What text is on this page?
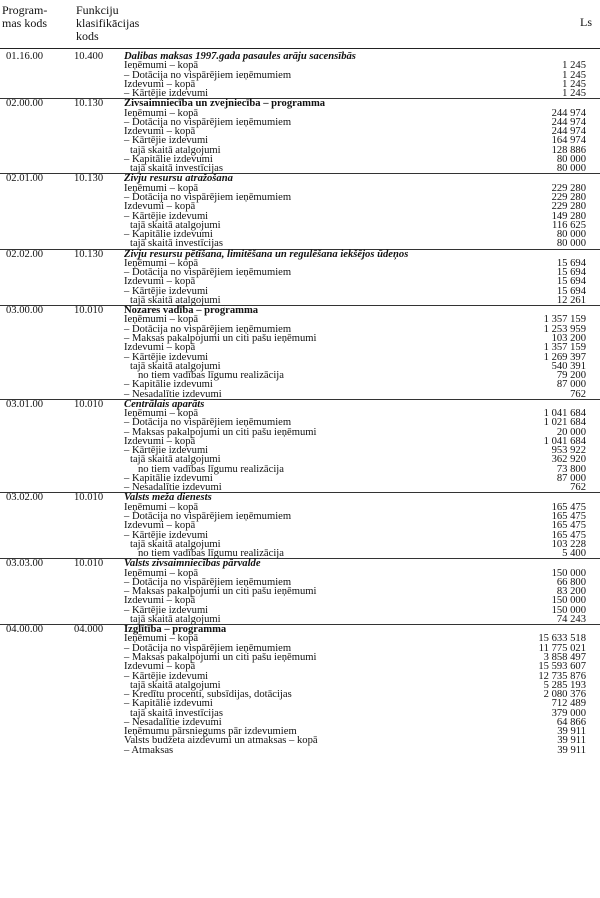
Program- mas kods
Funkciju klasifikācijas kods
Ls
01.16.00	10.400 Dalibas maksas 1997.gada pasaules arāju sacensībās
Ieņēmumi – kopā	1 245
– Dotācija no vispārējiem ieņēmumiem	1 245
Izdevumi – kopā	1 245
– Kārtējie izdevumi	1 245
02.00.00	10.130 Zivsaimniecība un zvejniecība – programma
Ieņēmumi – kopā	244 974
– Dotācija no vispārējiem ieņēmumiem	244 974
Izdevumi – kopā	244 974
– Kārtējie izdevumi	164 974
tajā skaitā atalgojumi	128 886
– Kapitālie izdevumi	80 000
tajā skaitā investīcijas	80 000
02.01.00	10.130 Zivju resursu atražošana
Ieņēmumi – kopā	229 280
– Dotācija no vispārējiem ieņēmumiem	229 280
Izdevumi – kopā	229 280
– Kārtējie izdevumi	149 280
tajā skaitā atalgojumi	116 625
– Kapitālie izdevumi	80 000
tajā skaitā investīcijas	80 000
02.02.00	10.130 Zivju resursu pētīšana, limitēšana un regulēšana iekšējos ūdeņos
Ieņēmumi – kopā	15 694
– Dotācija no vispārējiem ieņēmumiem	15 694
Izdevumi – kopā	15 694
– Kārtējie izdevumi	15 694
tajā skaitā atalgojumi	12 261
03.00.00	10.010 Nozares vadība – programma
Ieņēmumi – kopā	1 357 159
– Dotācija no vispārējiem ieņēmumiem	1 253 959
– Maksas pakalpojumi un citi pašu ieņēmumi	103 200
Izdevumi – kopā	1 357 159
– Kārtējie izdevumi	1 269 397
tajā skaitā atalgojumi	540 391
no tiem vadības līgumu realizācija	79 200
– Kapitālie izdevumi	87 000
– Nesadalītie izdevumi	762
03.01.00	10.010 Centrālais aparāts
Ieņēmumi – kopā	1 041 684
– Dotācija no vispārējiem ieņēmumiem	1 021 684
– Maksas pakalpojumi un citi pašu ieņēmumi	20 000
Izdevumi – kopā	1 041 684
– Kārtējie izdevumi	953 922
tajā skaitā atalgojumi	362 920
no tiem vadības līgumu realizācija	73 800
– Kapitālie izdevumi	87 000
– Nesadalītie izdevumi	762
03.02.00	10.010 Valsts meža dienests
Ieņēmumi – kopā	165 475
– Dotācija no vispārējiem ieņēmumiem	165 475
Izdevumi – kopā	165 475
– Kārtējie izdevumi	165 475
tajā skaitā atalgojumi	103 228
no tiem vadības līgumu realizācija	5 400
03.03.00	10.010 Valsts zivsaimniecības pārvalde
Ieņēmumi – kopā	150 000
– Dotācija no vispārējiem ieņēmumiem	66 800
– Maksas pakalpojumi un citi pašu ieņēmumi	83 200
Izdevumi – kopā	150 000
– Kārtējie izdevumi	150 000
tajā skaitā atalgojumi	74 243
04.00.00	04.000 Izglītība – programma
Ieņēmumi – kopā	15 633 518
– Dotācija no vispārējiem ieņēmumiem	11 775 021
– Maksas pakalpojumi un citi pašu ieņēmumi	3 858 497
Izdevumi – kopā	15 593 607
– Kārtējie izdevumi	12 735 876
tajā skaitā atalgojumi	5 285 193
– Kredītu procenti, subsīdijas, dotācijas	2 080 376
– Kapitālie izdevumi	712 489
tajā skaitā investīcijas	379 000
– Nesadalītie izdevumi	64 866
Ieņēmumu pārsniegums pār izdevumiem	39 911
Valsts budžeta aizdevumi un atmaksas – kopā	39 911
– Atmaksas	39 911
